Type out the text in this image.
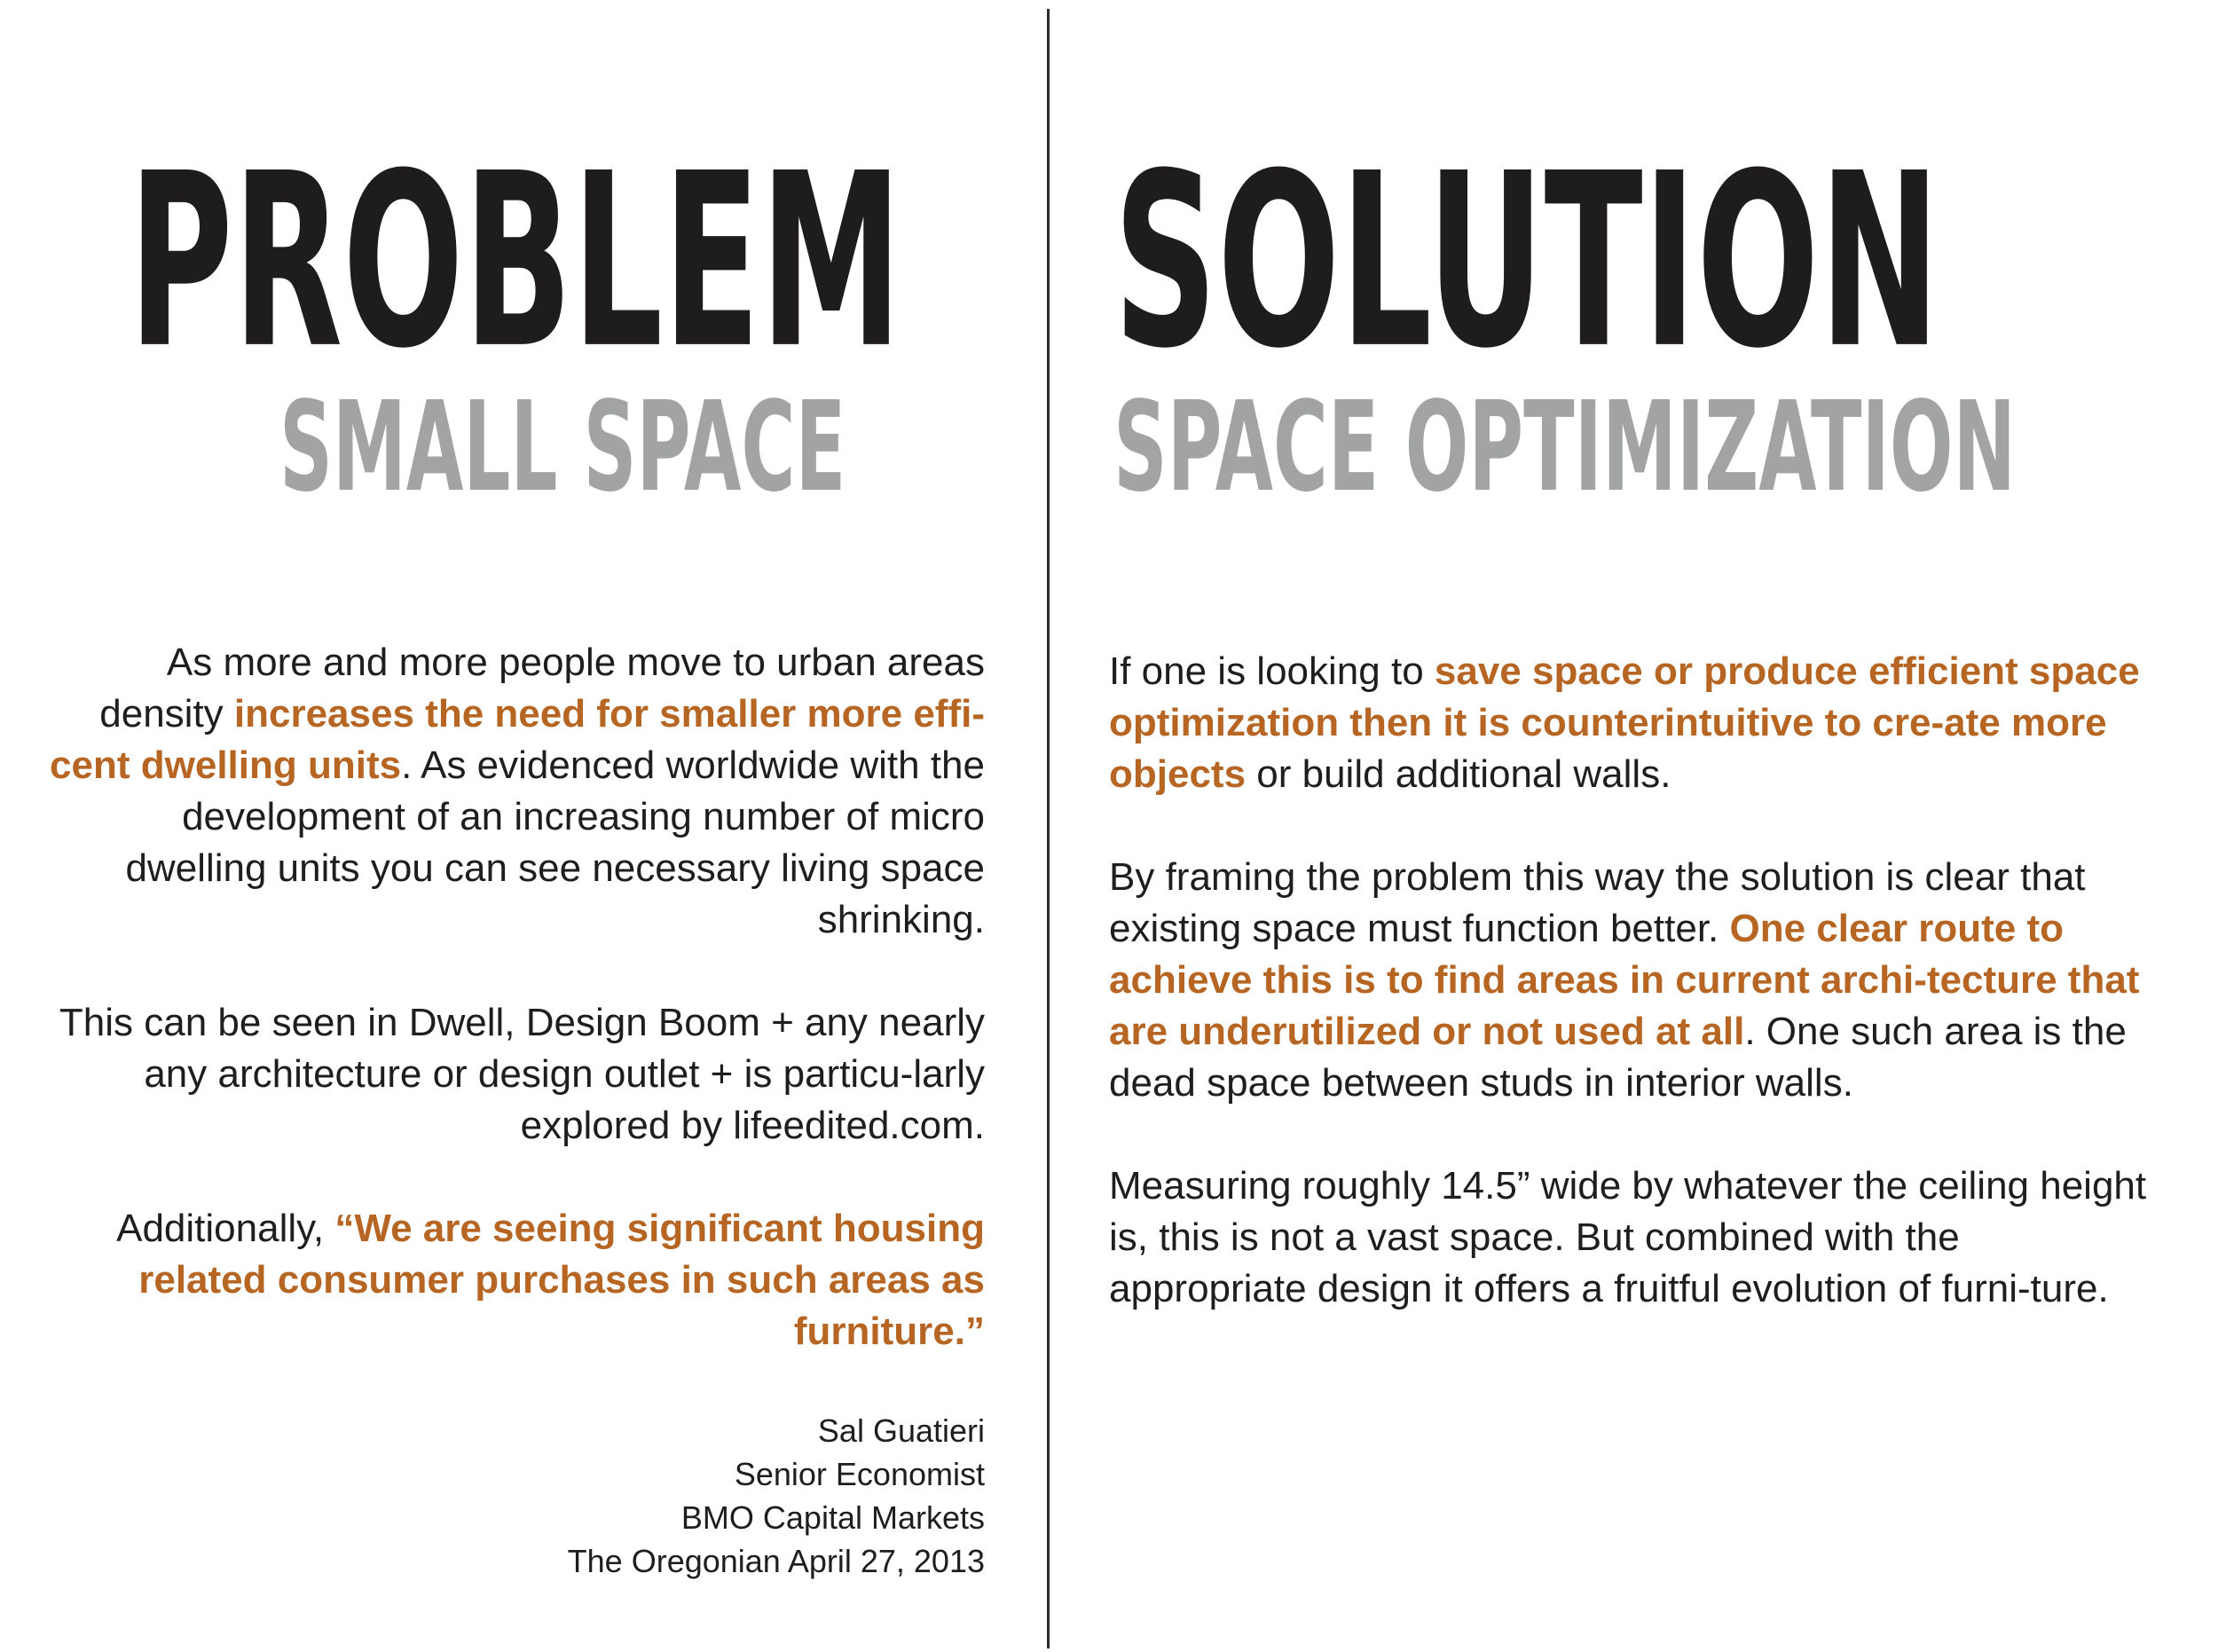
PROBLEM
SMALL SPACE
SOLUTION
SPACE OPTIMIZATION

As more and more people move to urban areas density increases the need for smaller more effi-cent dwelling units. As evidenced worldwide with the development of an increasing number of micro dwelling units you can see necessary living space shrinking.

This can be seen in Dwell, Design Boom + any nearly any architecture or design outlet + is particu-larly explored by lifeedited.com.

Additionally, “We are seeing significant housing related consumer purchases in such areas as furniture.”

Sal Guatieri
Senior Economist
BMO Capital Markets
The Oregonian April 27, 2013

If one is looking to save space or produce efficient space optimization then it is counterintuitive to cre-ate more objects or build additional walls.

By framing the problem this way the solution is clear that existing space must function better. One clear route to achieve this is to find areas in current archi-tecture that are underutilized or not used at all. One such area is the dead space between studs in interior walls.

Measuring roughly 14.5” wide by whatever the ceiling height is, this is not a vast space. But combined with the appropriate design it offers a fruitful evolution of furni-ture.
